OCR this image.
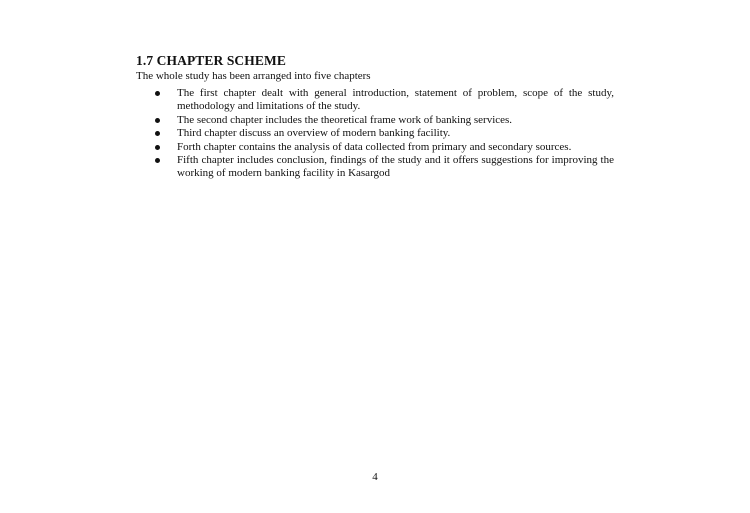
1.7 CHAPTER SCHEME

The whole study has been arranged into five chapters

The first chapter dealt with general introduction, statement of problem, scope of the study, methodology and limitations of the study.
The second chapter includes the theoretical frame work of banking services.
Third chapter discuss an overview of modern banking facility.
Forth chapter contains the analysis of data collected from primary and secondary sources.
Fifth chapter includes conclusion, findings of the study and it offers suggestions for improving the working of modern banking facility in Kasargod

4
